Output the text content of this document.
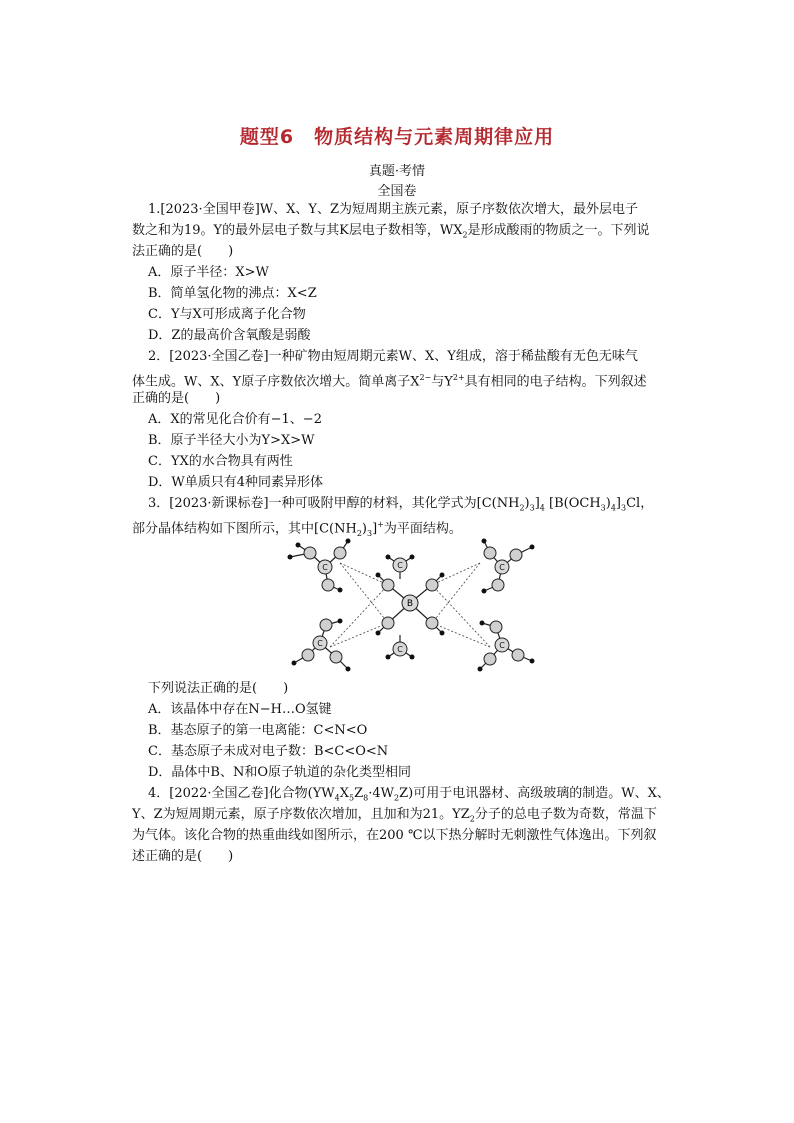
题型6　物质结构与元素周期律应用
真题·考情
全国卷
1.[2023·全国甲卷]W、X、Y、Z为短周期主族元素，原子序数依次增大，最外层电子
数之和为19。Y的最外层电子数与其K层电子数相等，$WX_2$是形成酸雨的物质之一。下列说
法正确的是(　　)
A．原子半径：X>W
B．简单氢化物的沸点：X<Z
C．Y与X可形成离子化合物
D．Z的最高价含氧酸是弱酸
2．[2023·全国乙卷]一种矿物由短周期元素W、X、Y组成，溶于稀盐酸有无色无味气
体生成。W、X、Y原子序数依次增大。简单离子$X^{2-}$与$Y^{2+}$具有相同的电子结构。下列叙述
正确的是(　　)
A．X的常见化合价有−1、−2
B．原子半径大小为Y>X>W
C．YX的水合物具有两性
D．W单质只有4种同素异形体
3．[2023·新课标卷]一种可吸附甲醇的材料，其化学式为$[C(NH_2)_3]_4$ $[B(OCH_3)_4]_3Cl$，
部分晶体结构如下图所示，其中$[C(NH_2)_3]^+$为平面结构。
C
C
C
C
C
C
B
下列说法正确的是(　　)
A．该晶体中存在N−H…O氢键
B．基态原子的第一电离能：C<N<O
C．基态原子未成对电子数：B<C<O<N
D．晶体中B、N和O原子轨道的杂化类型相同
4．[2022·全国乙卷]化合物$(YW_4X_5Z_8\cdot 4W_2Z)$可用于电讯器材、高级玻璃的制造。W、X、
Y、Z为短周期元素，原子序数依次增加，且加和为21。$YZ_2$分子的总电子数为奇数，常温下
为气体。该化合物的热重曲线如图所示，在200 ℃以下热分解时无刺激性气体逸出。下列叙
述正确的是(　　)
